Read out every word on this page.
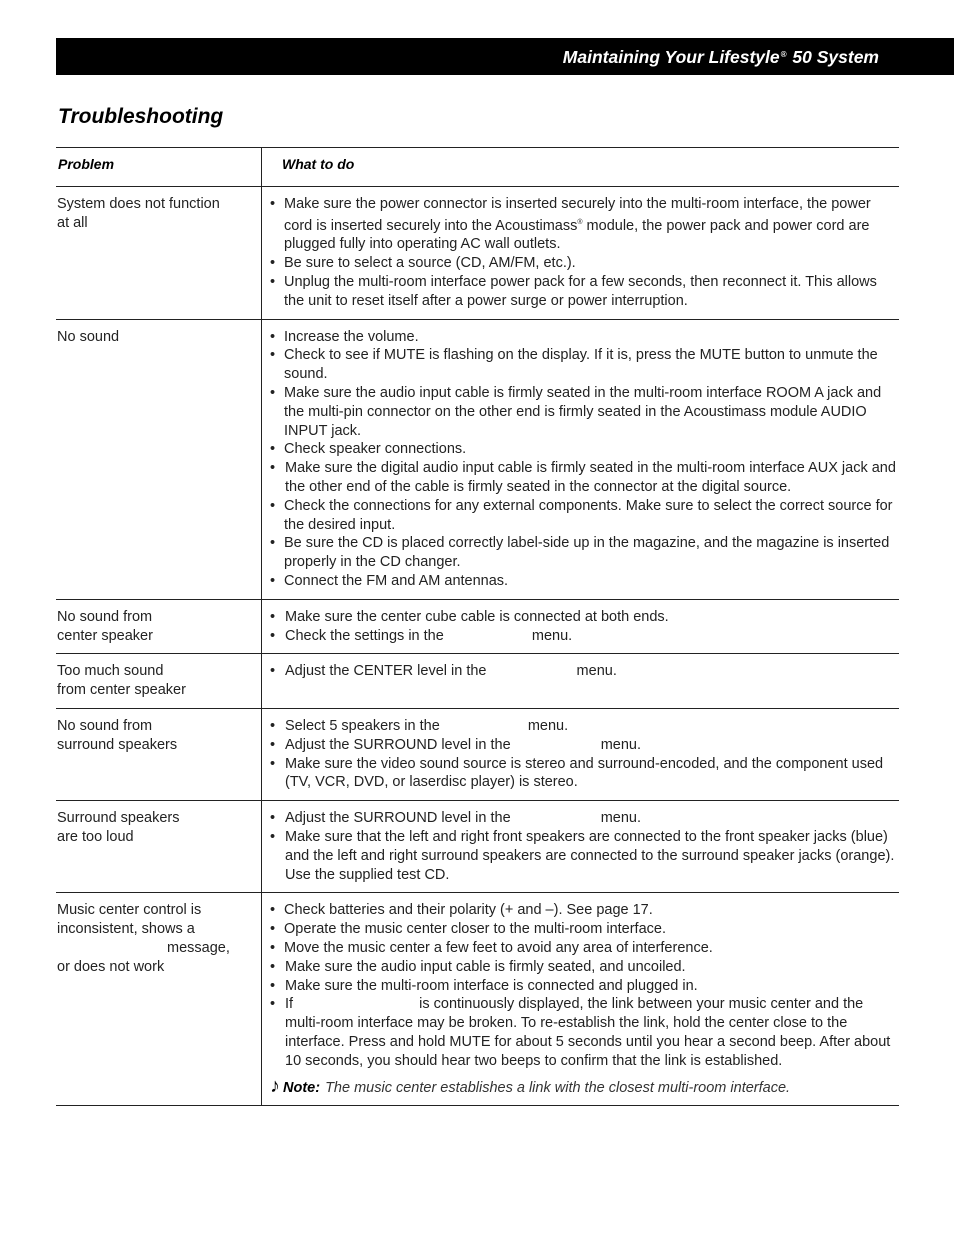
Maintaining Your Lifestyle® 50 System
Troubleshooting
Problem	What to do
System does not function
at all
• Make sure the power connector is inserted securely into the multi-room interface, the power cord is inserted securely into the Acoustimass® module, the power pack and power cord are plugged fully into operating AC wall outlets.
• Be sure to select a source (CD, AM/FM, etc.).
• Unplug the multi-room interface power pack for a few seconds, then reconnect it. This allows the unit to reset itself after a power surge or power interruption.
No sound
•	Increase the volume.
• Check to see if MUTE is flashing on the display. If it is, press the MUTE button to unmute the sound.
• Make sure the audio input cable is firmly seated in the multi-room interface ROOM A jack and the multi-pin connector on the other end is firmly seated in the Acoustimass module AUDIO INPUT jack.
• Check speaker connections.
• Make sure the digital audio input cable is firmly seated in the multi-room interface AUX jack and the other end of the cable is firmly seated in the connector at the digital source.
• Check the connections for any external components. Make sure to select the correct source for the desired input.
• Be sure the CD is placed correctly label-side up in the magazine, and the magazine is inserted properly in the CD changer.
• Connect the FM and AM antennas.
No sound from
center speaker
• Make sure the center cube cable is connected at both ends.
• Check the settings in the	menu.
Too much sound
from center speaker
• Adjust the CENTER level in the	menu.
No sound from
surround speakers
• Select 5 speakers in the	menu.
• Adjust the SURROUND level in the	menu.
• Make sure the video sound source is stereo and surround-encoded, and the component used (TV, VCR, DVD, or laserdisc player) is stereo.
Surround speakers
are too loud
• Adjust the SURROUND level in the	menu.
• Make sure that the left and right front speakers are connected to the front speaker jacks (blue) and the left and right surround speakers are connected to the surround speaker jacks (orange). Use the supplied test CD.
Music center control is
inconsistent, shows a
message,
or does not work
• Check batteries and their polarity (+ and –). See page 17.
• Operate the music center closer to the multi-room interface.
• Move the music center a few feet to avoid any area of interference.
• Make sure the audio input cable is firmly seated, and uncoiled.
• Make sure the multi-room interface is connected and plugged in.
• If	is continuously displayed, the link between your music center and the multi-room interface may be broken. To re-establish the link, hold the center close to the interface. Press and hold MUTE for about 5 seconds until you hear a second beep. After about 10 seconds, you should hear two beeps to confirm that the link is established.
♪ Note: The music center establishes a link with the closest multi-room interface.
